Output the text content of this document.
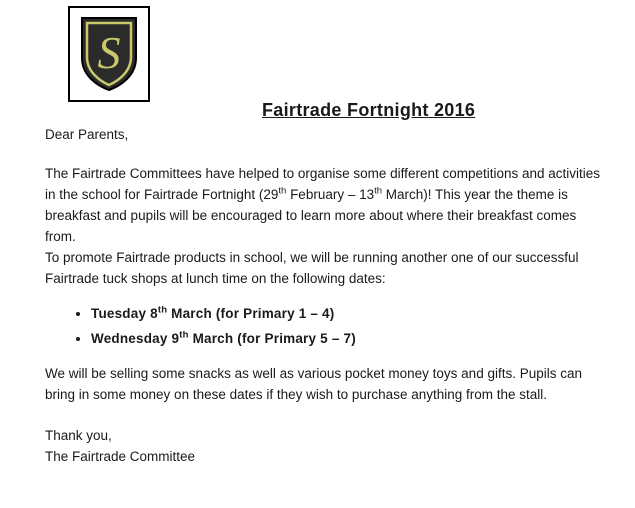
S
Fairtrade Fortnight 2016

Dear Parents,

The Fairtrade Committees have helped to organise some different competitions and activities in the school for Fairtrade Fortnight (29th February – 13th March)! This year the theme is breakfast and pupils will be encouraged to learn more about where their breakfast comes from.

To promote Fairtrade products in school, we will be running another one of our successful Fairtrade tuck shops at lunch time on the following dates:

• Tuesday 8th March (for Primary 1 – 4)
• Wednesday 9th March (for Primary 5 – 7)

We will be selling some snacks as well as various pocket money toys and gifts. Pupils can bring in some money on these dates if they wish to purchase anything from the stall.

Thank you,
The Fairtrade Committee
